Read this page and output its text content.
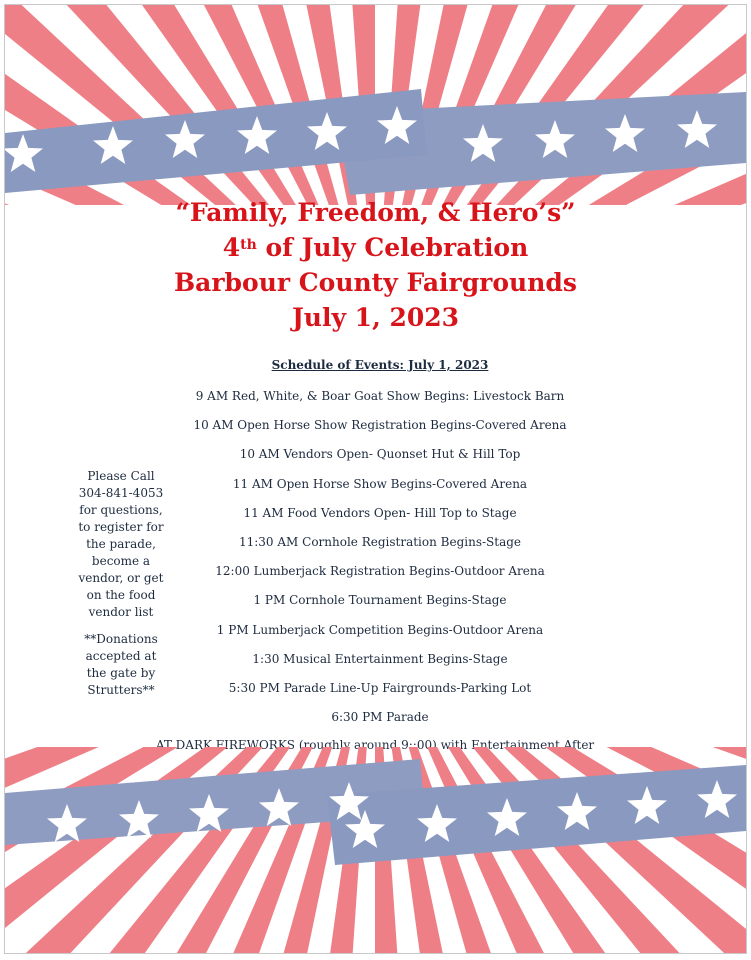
“Family, Freedom, & Hero’s”
4th of July Celebration
Barbour County Fairgrounds
July 1, 2023
Schedule of Events: July 1, 2023
9 AM Red, White, & Boar Goat Show Begins: Livestock Barn
10 AM Open Horse Show Registration Begins-Covered Arena
10 AM Vendors Open- Quonset Hut & Hill Top
11 AM Open Horse Show Begins-Covered Arena
11 AM Food Vendors Open- Hill Top to Stage
11:30 AM Cornhole Registration Begins-Stage
12:00 Lumberjack Registration Begins-Outdoor Arena
1 PM Cornhole Tournament Begins-Stage
1 PM Lumberjack Competition Begins-Outdoor Arena
1:30 Musical Entertainment Begins-Stage
5:30 PM Parade Line-Up Fairgrounds-Parking Lot
6:30 PM Parade
AT DARK FIREWORKS (roughly around 9::00) with Entertainment After

Please Call

304-841-4053

for questions,

to register for

the parade,

become a

vendor, or get

on the food

vendor list

**Donations

accepted at

the gate by

Strutters**
